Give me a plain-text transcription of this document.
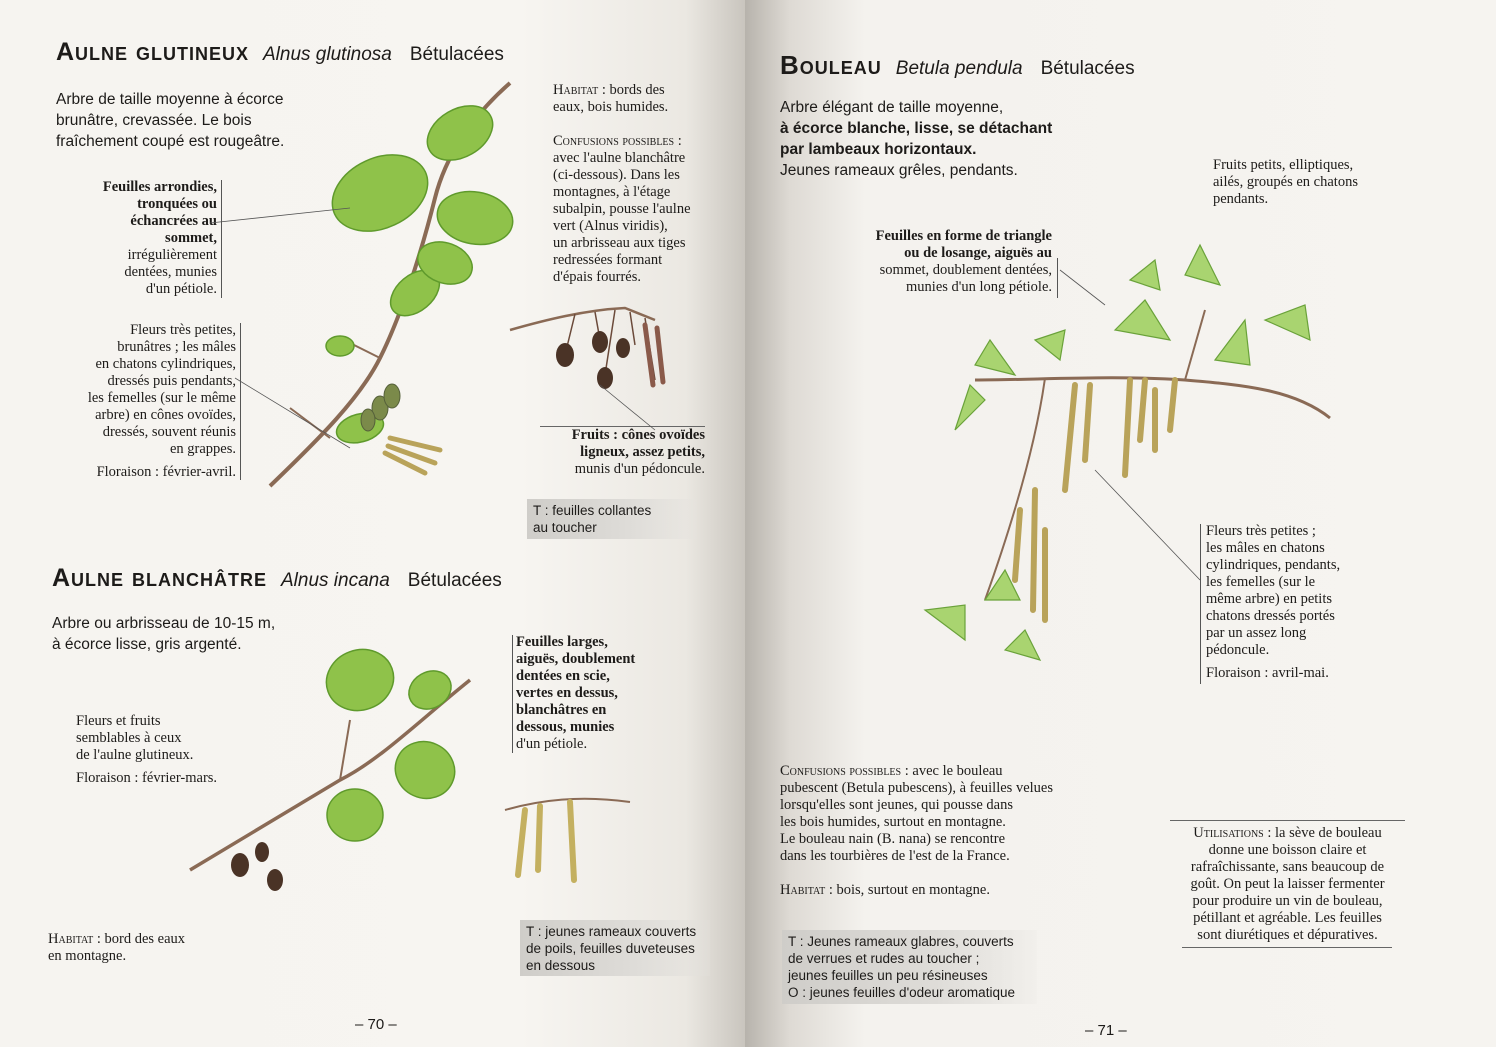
Aulne glutineux Alnus glutinosa Bétulacées
Arbre de taille moyenne à écorce
brunâtre, crevassée. Le bois
fraîchement coupé est rougeâtre.
Feuilles arrondies,
tronquées ou
échancrées au
sommet,
irrégulièrement
dentées, munies
d'un pétiole.
Fleurs très petites,
brunâtres ; les mâles
en chatons cylindriques,
dressés puis pendants,
les femelles (sur le même
arbre) en cônes ovoïdes,
dressés, souvent réunis
en grappes.
Floraison : février-avril.
Habitat : bords des
eaux, bois humides.
Confusions possibles :
avec l'aulne blanchâtre
(ci-dessous). Dans les
montagnes, à l'étage
subalpin, pousse l'aulne
vert (Alnus viridis),
un arbrisseau aux tiges
redressées formant
d'épais fourrés.
Fruits : cônes ovoïdes
ligneux, assez petits,
munis d'un pédoncule.
T : feuilles collantes
au toucher
Aulne blanchâtre Alnus incana Bétulacées
Arbre ou arbrisseau de 10-15 m,
à écorce lisse, gris argenté.	Feuilles larges,
aiguës, doublement
dentées en scie,
vertes en dessus,
blanchâtres en
dessous, munies
d'un pétiole.
Fleurs et fruits
semblables à ceux
de l'aulne glutineux.
Floraison : février-mars.
Habitat : bord des eaux
en montagne.
T : jeunes rameaux couverts
de poils, feuilles duveteuses
en dessous
– 70 –
Bouleau Betula pendula Bétulacées
Arbre élégant de taille moyenne,
à écorce blanche, lisse, se détachant
par lambeaux horizontaux.
Jeunes rameaux grêles, pendants.	Fruits petits, elliptiques,
ailés, groupés en chatons
pendants.
Feuilles en forme de triangle
ou de losange, aiguës au
sommet, doublement dentées,
munies d'un long pétiole.
Fleurs très petites ;
les mâles en chatons
cylindriques, pendants,
les femelles (sur le
même arbre) en petits
chatons dressés portés
par un assez long
pédoncule.
Floraison : avril-mai.
Confusions possibles : avec le bouleau
pubescent (Betula pubescens), à feuilles velues
lorsqu'elles sont jeunes, qui pousse dans
les bois humides, surtout en montagne.
Le bouleau nain (B. nana) se rencontre
dans les tourbières de l'est de la France.
Habitat : bois, surtout en montagne.
Utilisations : la sève de bouleau
donne une boisson claire et
rafraîchissante, sans beaucoup de
goût. On peut la laisser fermenter
pour produire un vin de bouleau,
pétillant et agréable. Les feuilles
sont diurétiques et dépuratives.
T : Jeunes rameaux glabres, couverts
de verrues et rudes au toucher ;
jeunes feuilles un peu résineuses
O : jeunes feuilles d'odeur aromatique
– 71 –
